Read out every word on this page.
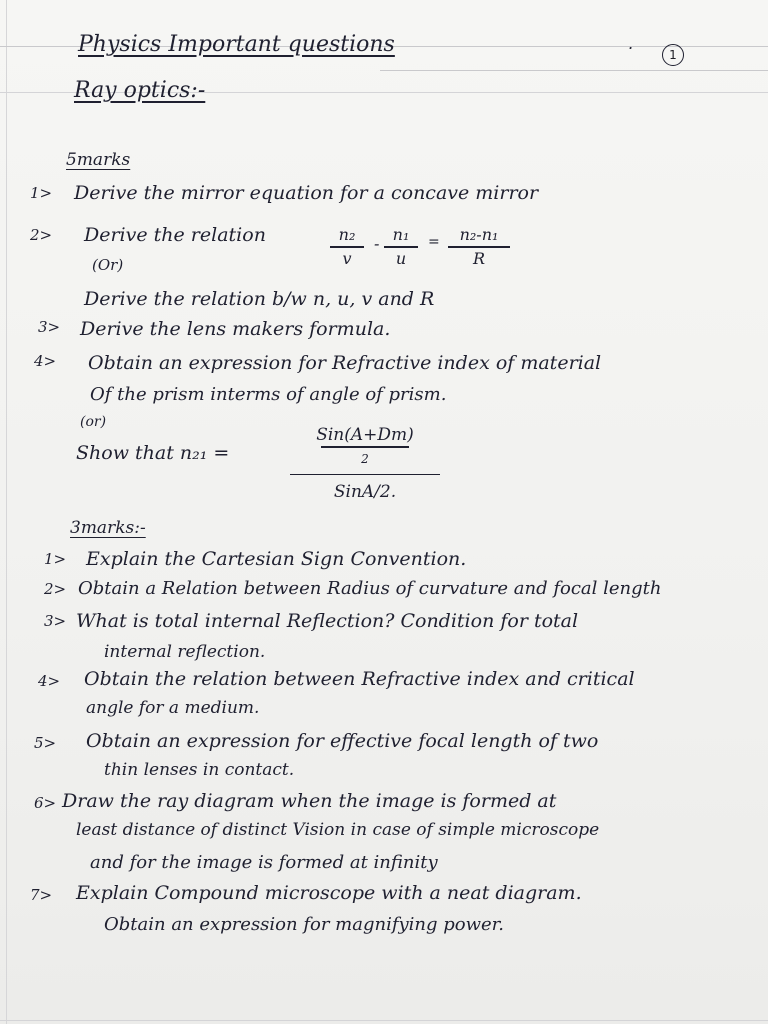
Physics Important questions	.
1
Ray optics:-
5marks
1> Derive the mirror equation for a concave mirror
2> Derive the relation	n₂
v
- n₁
u
=	n₂-n₁
R
(Or)
Derive the relation b/w n, u, v and R
3> Derive the lens makers formula.
4> Obtain an expression for Refractive index of material
Of the prism interms of angle of prism.
(or)
Show that n₂₁ =
Sin(A+Dm)
2
SinA/2.
3marks:-
1> Explain the Cartesian Sign Convention.
2> Obtain a Relation between Radius of curvature and focal length
3> What is total internal Reflection? Condition for total
internal reflection.
4> Obtain the relation between Refractive index and critical
angle for a medium.
5> Obtain an expression for effective focal length of two
thin lenses in contact.
6> Draw the ray diagram when the image is formed at
least distance of distinct Vision in case of simple microscope
and for the image is formed at infinity
7> Explain Compound microscope with a neat diagram.
Obtain an expression for magnifying power.
